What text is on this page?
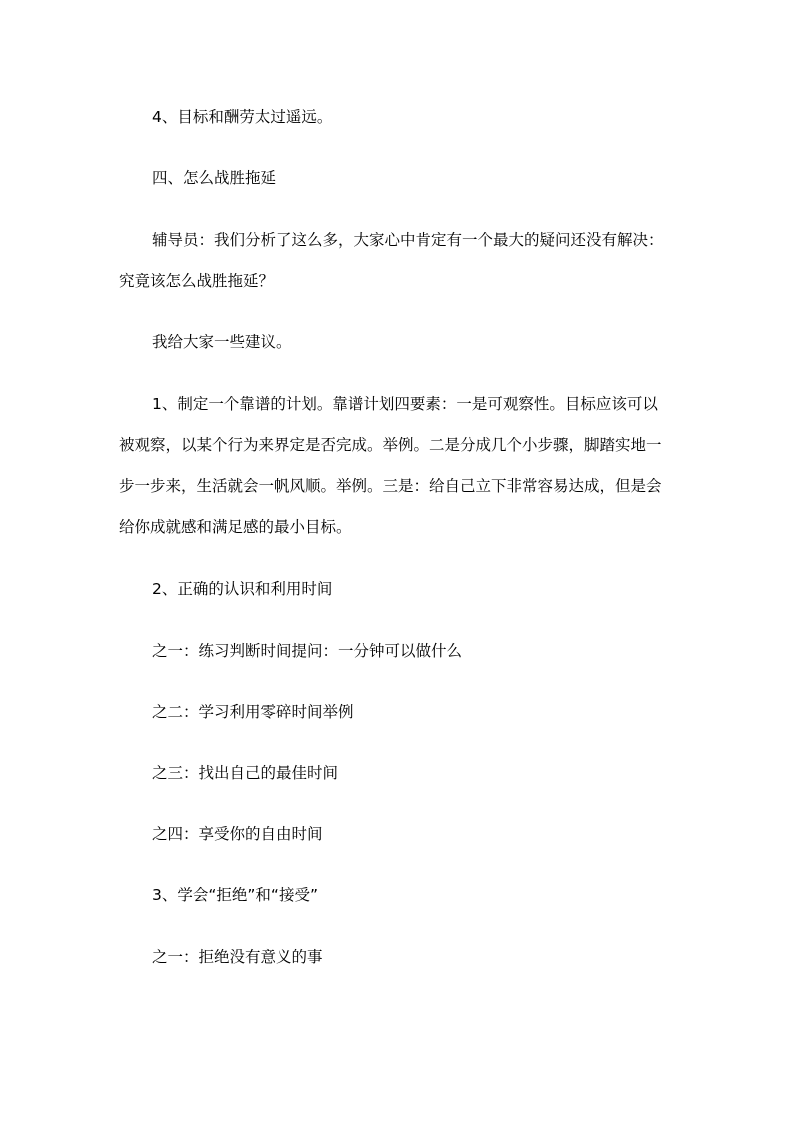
4、目标和酬劳太过遥远。

四、怎么战胜拖延

辅导员：我们分析了这么多，大家心中肯定有一个最大的疑问还没有解决：
究竟该怎么战胜拖延？

我给大家一些建议。

1、制定一个靠谱的计划。靠谱计划四要素：一是可观察性。目标应该可以
被观察，以某个行为来界定是否完成。举例。二是分成几个小步骤，脚踏实地一
步一步来，生活就会一帆风顺。举例。三是：给自己立下非常容易达成，但是会
给你成就感和满足感的最小目标。

2、正确的认识和利用时间

之一：练习判断时间提问：一分钟可以做什么

之二：学习利用零碎时间举例

之三：找出自己的最佳时间

之四：享受你的自由时间

3、学会“拒绝”和“接受”

之一：拒绝没有意义的事
